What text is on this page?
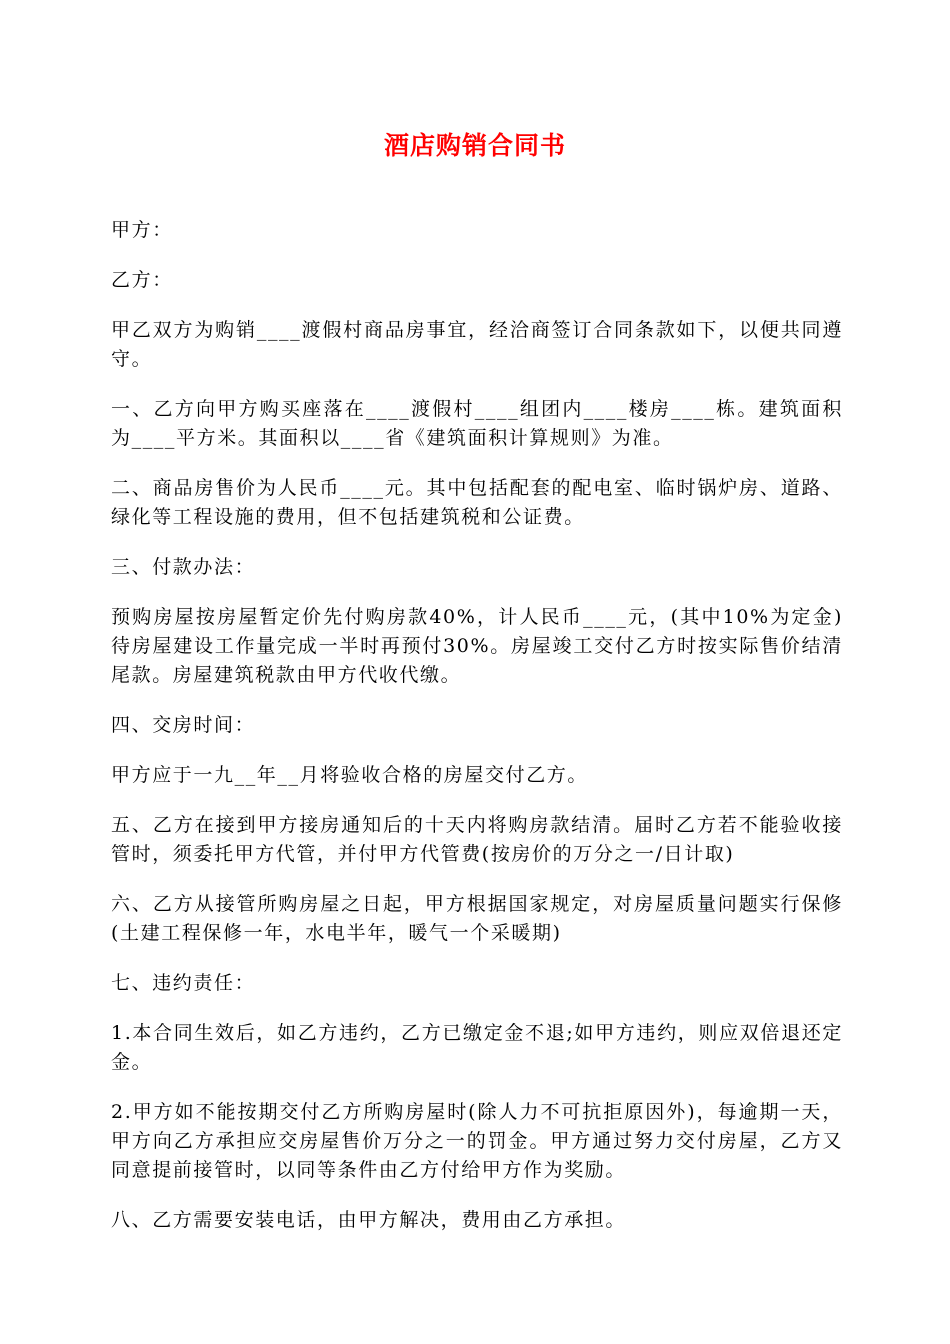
酒店购销合同书

甲方：

乙方：

甲乙双方为购销____渡假村商品房事宜，经洽商签订合同条款如下，以便共同遵守。

一、乙方向甲方购买座落在____渡假村____组团内____楼房____栋。建筑面积为____平方米。其面积以____省《建筑面积计算规则》为准。

二、商品房售价为人民币____元。其中包括配套的配电室、临时锅炉房、道路、绿化等工程设施的费用，但不包括建筑税和公证费。

三、付款办法：

预购房屋按房屋暂定价先付购房款40%，计人民币____元，(其中10%为定金)待房屋建设工作量完成一半时再预付30%。房屋竣工交付乙方时按实际售价结清尾款。房屋建筑税款由甲方代收代缴。

四、交房时间：

甲方应于一九__年__月将验收合格的房屋交付乙方。

五、乙方在接到甲方接房通知后的十天内将购房款结清。届时乙方若不能验收接管时，须委托甲方代管，并付甲方代管费(按房价的万分之一/日计取)

六、乙方从接管所购房屋之日起，甲方根据国家规定，对房屋质量问题实行保修(土建工程保修一年，水电半年，暖气一个采暖期)

七、违约责任：

1.本合同生效后，如乙方违约，乙方已缴定金不退;如甲方违约，则应双倍退还定金。

2.甲方如不能按期交付乙方所购房屋时(除人力不可抗拒原因外)，每逾期一天，甲方向乙方承担应交房屋售价万分之一的罚金。甲方通过努力交付房屋，乙方又同意提前接管时，以同等条件由乙方付给甲方作为奖励。

八、乙方需要安装电话，由甲方解决，费用由乙方承担。
